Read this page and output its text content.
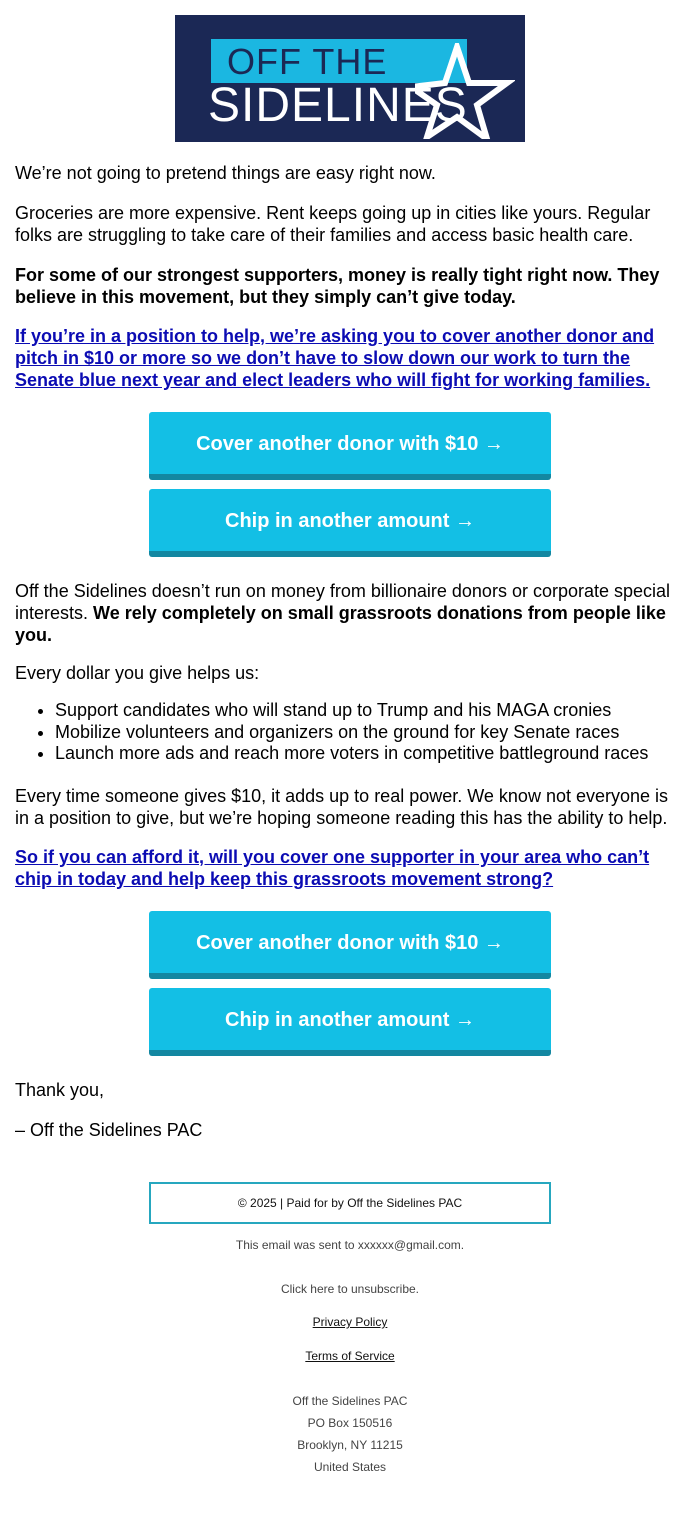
OFF THE
SIDELINES

We’re not going to pretend things are easy right now.

Groceries are more expensive. Rent keeps going up in cities like yours. Regular folks are struggling to take care of their families and access basic health care.

For some of our strongest supporters, money is really tight right now. They believe in this movement, but they simply can’t give today.

If you’re in a position to help, we’re asking you to cover another donor and pitch in $10 or more so we don’t have to slow down our work to turn the Senate blue next year and elect leaders who will fight for working families.

Cover another donor with $10 →
Chip in another amount →

Off the Sidelines doesn’t run on money from billionaire donors or corporate special interests. We rely completely on small grassroots donations from people like you.

Every dollar you give helps us:

• Support candidates who will stand up to Trump and his MAGA cronies
• Mobilize volunteers and organizers on the ground for key Senate races
• Launch more ads and reach more voters in competitive battleground races

Every time someone gives $10, it adds up to real power. We know not everyone is in a position to give, but we’re hoping someone reading this has the ability to help.

So if you can afford it, will you cover one supporter in your area who can’t chip in today and help keep this grassroots movement strong?

Cover another donor with $10 →
Chip in another amount →

Thank you,

– Off the Sidelines PAC

© 2025 | Paid for by Off the Sidelines PAC
This email was sent to xxxxxx@gmail.com.
Click here to unsubscribe.
Privacy Policy
Terms of Service
Off the Sidelines PAC
PO Box 150516
Brooklyn, NY 11215
United States
